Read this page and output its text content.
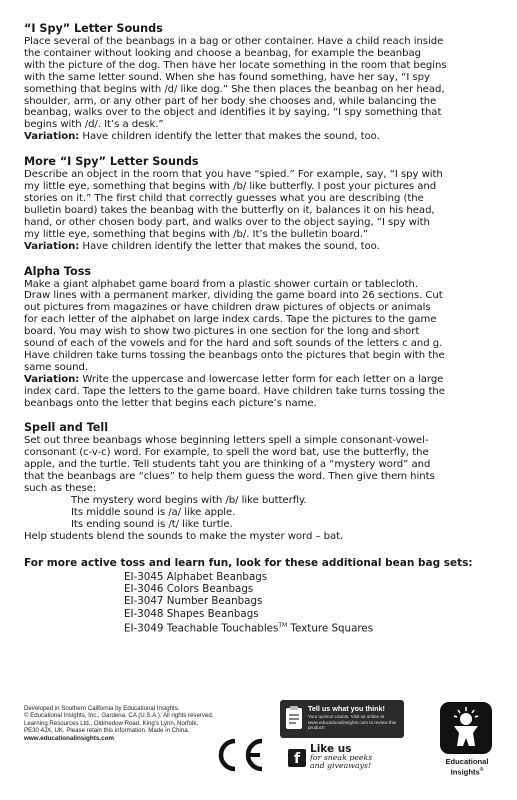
“I Spy” Letter Sounds

Place several of the beanbags in a bag or other container. Have a child reach inside

the container without looking and choose a beanbag, for example the beanbag

with the picture of the dog. Then have her locate something in the room that begins

with the same letter sound. When she has found something, have her say, “I spy

something that begins with /d/ like dog.” She then places the beanbag on her head,

shoulder, arm, or any other part of her body she chooses and, while balancing the

beanbag, walks over to the object and identifies it by saying, “I spy something that

begins with /d/. It’s a desk.”

Variation: Have children identify the letter that makes the sound, too.

More “I Spy” Letter Sounds

Describe an object in the room that you have “spied.” For example, say, “I spy with

my little eye, something that begins with /b/ like butterfly. I post your pictures and

stories on it.” The first child that correctly guesses what you are describing (the

bulletin board) takes the beanbag with the butterfly on it, balances it on his head,

hand, or other chosen body part, and walks over to the object saying, “I spy with

my little eye, something that begins with /b/. It’s the bulletin board.”

Variation: Have children identify the letter that makes the sound, too.

Alpha Toss

Make a giant alphabet game board from a plastic shower curtain or tablecloth.

Draw lines with a permanent marker, dividing the game board into 26 sections. Cut

out pictures from magazines or have children draw pictures of objects or animals

for each letter of the alphabet on large index cards. Tape the pictures to the game

board. You may wish to show two pictures in one section for the long and short

sound of each of the vowels and for the hard and soft sounds of the letters c and g.

Have children take turns tossing the beanbags onto the pictures that begin with the

same sound.

Variation: Write the uppercase and lowercase letter form for each letter on a large

index card. Tape the letters to the game board. Have children take turns tossing the

beanbags onto the letter that begins each picture’s name.

Spell and Tell

Set out three beanbags whose beginning letters spell a simple consonant-vowel-

consonant (c-v-c) word. For example, to spell the word bat, use the butterfly, the

apple, and the turtle. Tell students taht you are thinking of a “mystery word” and

that the beanbags are “clues” to help them guess the word. Then give them hints

such as these:

The mystery word begins with /b/ like butterfly.

Its middle sound is /a/ like apple.

Its ending sound is /t/ like turtle.

Help students blend the sounds to make the myster word – bat.

For more active toss and learn fun, look for these additional bean bag sets:
EI-3045 Alphabet Beanbags
EI-3046 Colors Beanbags
EI-3047 Number Beanbags
EI-3048 Shapes Beanbags
EI-3049 Teachable Touchables™ Texture Squares
Developed in Southern California by Educational Insights.
© Educational Insights, Inc., Gardena, CA (U.S.A.). All rights reserved.
Learning Resources Ltd., Oldmedow Road, King’s Lynn, Norfolk,
PE30 4JX, UK. Please retain this information. Made in China.
www.educationalinsights.com
Tell us what you think!
Your opinion counts. Visit us online at www.educationalinsights.com to review this product!
f
Like us
for sneak peeks
and giveaways!	Educational
Insights®
